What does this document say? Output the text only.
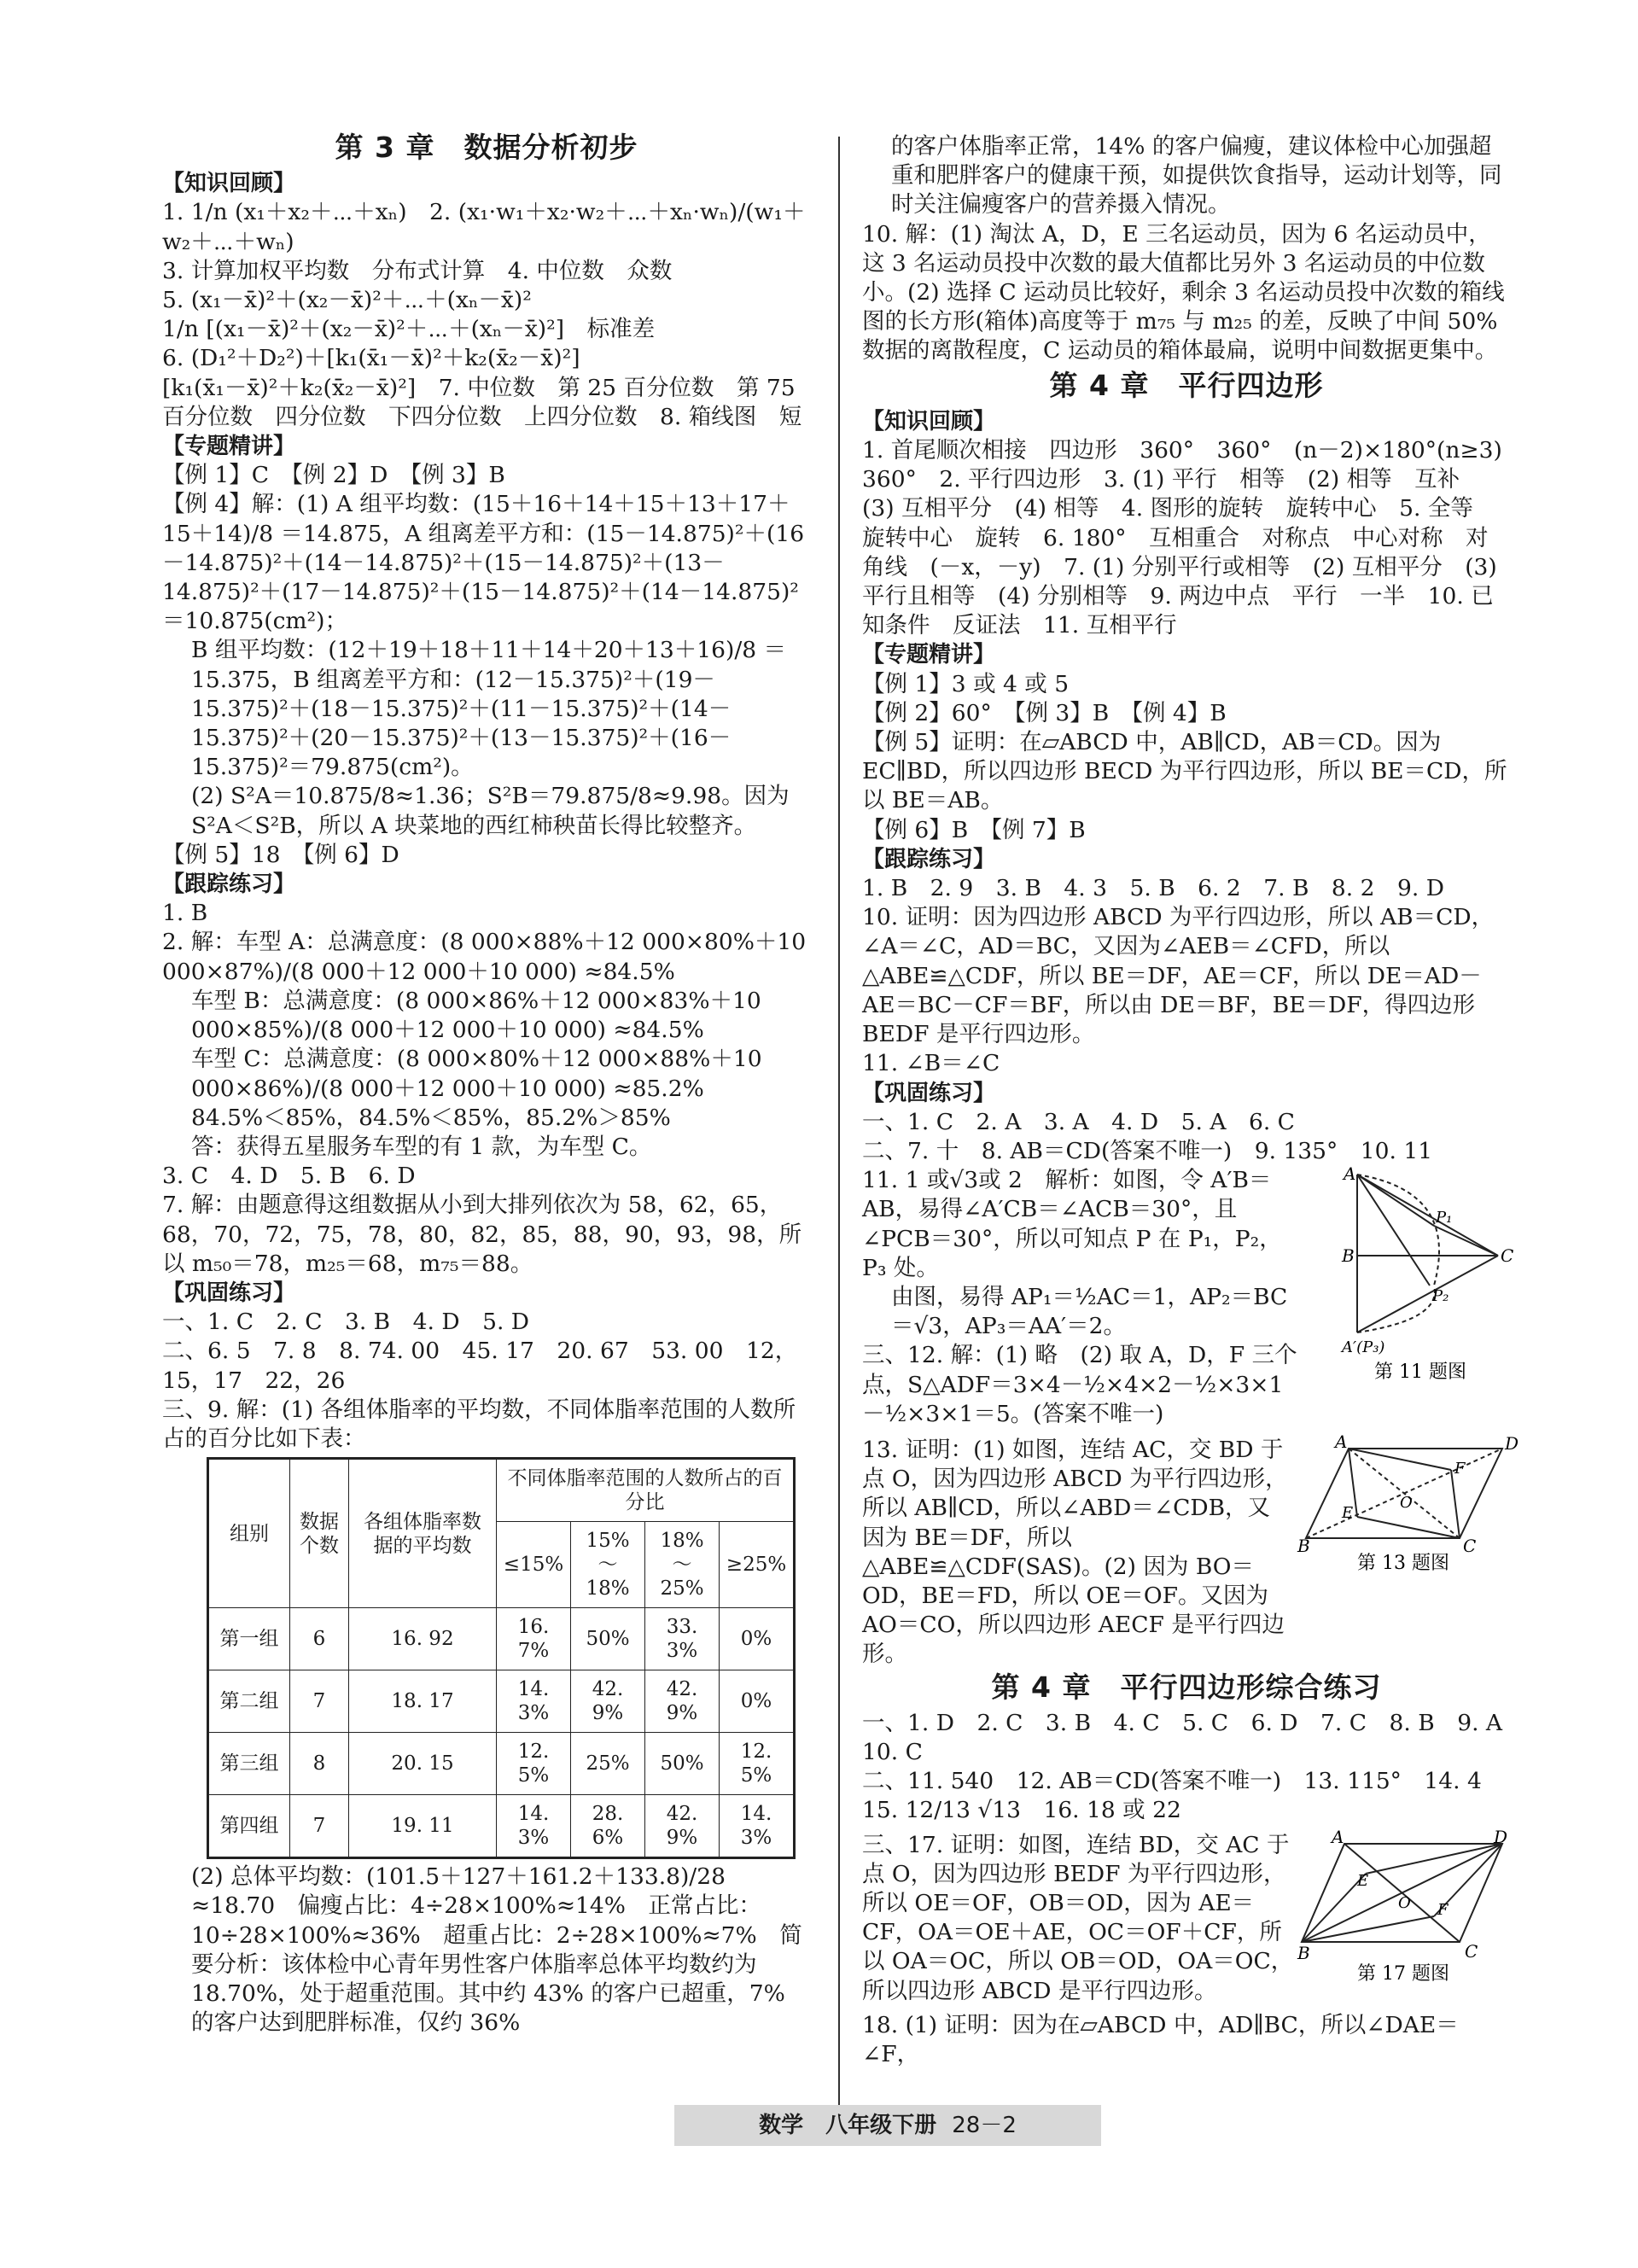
第 3 章　数据分析初步
【知识回顾】

1. 1/n (x₁＋x₂＋⋯＋xₙ)　2. (x₁·w₁＋x₂·w₂＋⋯＋xₙ·wₙ)/(w₁＋w₂＋⋯＋wₙ)

3. 计算加权平均数　分布式计算　4. 中位数　众数

5. (x₁－x̄)²＋(x₂－x̄)²＋⋯＋(xₙ－x̄)²

1/n [(x₁－x̄)²＋(x₂－x̄)²＋⋯＋(xₙ－x̄)²]　标准差

6. (D₁²＋D₂²)＋[k₁(x̄₁－x̄)²＋k₂(x̄₂－x̄)²]

[k₁(x̄₁－x̄)²＋k₂(x̄₂－x̄)²]　7. 中位数　第 25 百分位数　第 75 百分位数　四分位数　下四分位数　上四分位数　8. 箱线图　短

【专题精讲】

【例 1】C　【例 2】D　【例 3】B

【例 4】解：(1) A 组平均数：(15＋16＋14＋15＋13＋17＋15＋14)/8 ＝14.875，A 组离差平方和：(15－14.875)²＋(16－14.875)²＋(14－14.875)²＋(15－14.875)²＋(13－14.875)²＋(17－14.875)²＋(15－14.875)²＋(14－14.875)²＝10.875(cm²)；

B 组平均数：(12＋19＋18＋11＋14＋20＋13＋16)/8 ＝15.375，B 组离差平方和：(12－15.375)²＋(19－15.375)²＋(18－15.375)²＋(11－15.375)²＋(14－15.375)²＋(20－15.375)²＋(13－15.375)²＋(16－15.375)²＝79.875(cm²)。

(2) S²A＝10.875/8≈1.36；S²B＝79.875/8≈9.98。因为 S²A＜S²B，所以 A 块菜地的西红柿秧苗长得比较整齐。

【例 5】18　【例 6】D

【跟踪练习】

1. B

2. 解：车型 A：总满意度：(8 000×88%＋12 000×80%＋10 000×87%)/(8 000＋12 000＋10 000) ≈84.5%

车型 B：总满意度：(8 000×86%＋12 000×83%＋10 000×85%)/(8 000＋12 000＋10 000) ≈84.5%

车型 C：总满意度：(8 000×80%＋12 000×88%＋10 000×86%)/(8 000＋12 000＋10 000) ≈85.2%

84.5%＜85%，84.5%＜85%，85.2%＞85%

答：获得五星服务车型的有 1 款，为车型 C。

3. C　4. D　5. B　6. D

7. 解：由题意得这组数据从小到大排列依次为 58，62，65，68，70，72，75，78，80，82，85，88，90，93，98，所以 m₅₀＝78，m₂₅＝68，m₇₅＝88。

【巩固练习】

一、1. C　2. C　3. B　4. D　5. D

二、6. 5　7. 8　8. 74. 00　45. 17　20. 67　53. 00　12，15，17　22，26

三、9. 解：(1) 各组体脂率的平均数，不同体脂率范围的人数所占的百分比如下表：

组别	数据个数	各组体脂率数据的平均数	不同体脂率范围的人数所占的百分比			
			≤15%	15%～18%	18%～25%	≥25%
第一组	6	16. 92	16. 7%	50%	33. 3%	0%
第二组	7	18. 17	14. 3%	42. 9%	42. 9%	0%
第三组	8	20. 15	12. 5%	25%	50%	12. 5%
第四组	7	19. 11	14. 3%	28. 6%	42. 9%	14. 3%

(2) 总体平均数：(101.5＋127＋161.2＋133.8)/28 ≈18.70　偏瘦占比：4÷28×100%≈14%　正常占比：10÷28×100%≈36%　超重占比：2÷28×100%≈7%　简要分析：该体检中心青年男性客户体脂率总体平均数约为 18.70%，处于超重范围。其中约 43% 的客户已超重，7% 的客户达到肥胖标准，仅约 36%

的客户体脂率正常，14% 的客户偏瘦，建议体检中心加强超重和肥胖客户的健康干预，如提供饮食指导，运动计划等，同时关注偏瘦客户的营养摄入情况。

10. 解：(1) 淘汰 A，D，E 三名运动员，因为 6 名运动员中，这 3 名运动员投中次数的最大值都比另外 3 名运动员的中位数小。(2) 选择 C 运动员比较好，剩余 3 名运动员投中次数的箱线图的长方形(箱体)高度等于 m₇₅ 与 m₂₅ 的差，反映了中间 50% 数据的离散程度，C 运动员的箱体最扁，说明中间数据更集中。

第 4 章　平行四边形
【知识回顾】

1. 首尾顺次相接　四边形　360°　360°　(n－2)×180°(n≥3)　360°　2. 平行四边形　3. (1) 平行　相等　(2) 相等　互补　(3) 互相平分　(4) 相等　4. 图形的旋转　旋转中心　5. 全等　旋转中心　旋转　6. 180°　互相重合　对称点　中心对称　对角线　(－x，－y)　7. (1) 分别平行或相等　(2) 互相平分　(3) 平行且相等　(4) 分别相等　9. 两边中点　平行　一半　10. 已知条件　反证法　11. 互相平行

【专题精讲】

【例 1】3 或 4 或 5

【例 2】60°　【例 3】B　【例 4】B

【例 5】证明：在▱ABCD 中，AB∥CD，AB＝CD。因为 EC∥BD，所以四边形 BECD 为平行四边形，所以 BE＝CD，所以 BE＝AB。

【例 6】B　【例 7】B

【跟踪练习】

1. B　2. 9　3. B　4. 3　5. B　6. 2　7. B　8. 2　9. D

10. 证明：因为四边形 ABCD 为平行四边形，所以 AB＝CD，∠A＝∠C，AD＝BC，又因为∠AEB＝∠CFD，所以△ABE≌△CDF，所以 BE＝DF，AE＝CF，所以 DE＝AD－AE＝BC－CF＝BF，所以由 DE＝BF，BE＝DF，得四边形 BEDF 是平行四边形。

11. ∠B＝∠C

【巩固练习】

一、1. C　2. A　3. A　4. D　5. A　6. C

二、7. 十　8. AB＝CD(答案不唯一)　9. 135°　10. 11

11. 1 或√3或 2　解析：如图，令 A′B＝AB，易得∠A′CB＝∠ACB＝30°，且∠PCB＝30°，所以可知点 P 在 P₁，P₂，P₃ 处。

由图，易得 AP₁＝½AC＝1，AP₂＝BC＝√3，AP₃＝AA′＝2。

三、12. 解：(1) 略　(2) 取 A，D，F 三个点，S△ADF＝3×4－½×4×2－½×3×1－½×3×1＝5。(答案不唯一)

A
B	C
P₁
P₂
A′(P₃)
第 11 题图

13. 证明：(1) 如图，连结 AC，交 BD 于点 O，因为四边形 ABCD 为平行四边形，所以 AB∥CD，所以∠ABD＝∠CDB，又因为 BE＝DF，所以△ABE≌△CDF(SAS)。(2) 因为 BO＝OD，BE＝FD，所以 OE＝OF。又因为 AO＝CO，所以四边形 AECF 是平行四边形。

A	D
B	C
E
F
O
第 13 题图
第 4 章　平行四边形综合练习

一、1. D　2. C　3. B　4. C　5. C　6. D　7. C　8. B　9. A　10. C

二、11. 540　12. AB＝CD(答案不唯一)　13. 115°　14. 4

15. 12/13 √13　16. 18 或 22

三、17. 证明：如图，连结 BD，交 AC 于点 O，因为四边形 BEDF 为平行四边形，所以 OE＝OF，OB＝OD，因为 AE＝CF，OA＝OE＋AE，OC＝OF＋CF，所以 OA＝OC，所以 OB＝OD，OA＝OC，所以四边形 ABCD 是平行四边形。

A	D
B	C
E
F
O
第 17 题图

18. (1) 证明：因为在▱ABCD 中，AD∥BC，所以∠DAE＝∠F，

数学　八年级下册 28－2
